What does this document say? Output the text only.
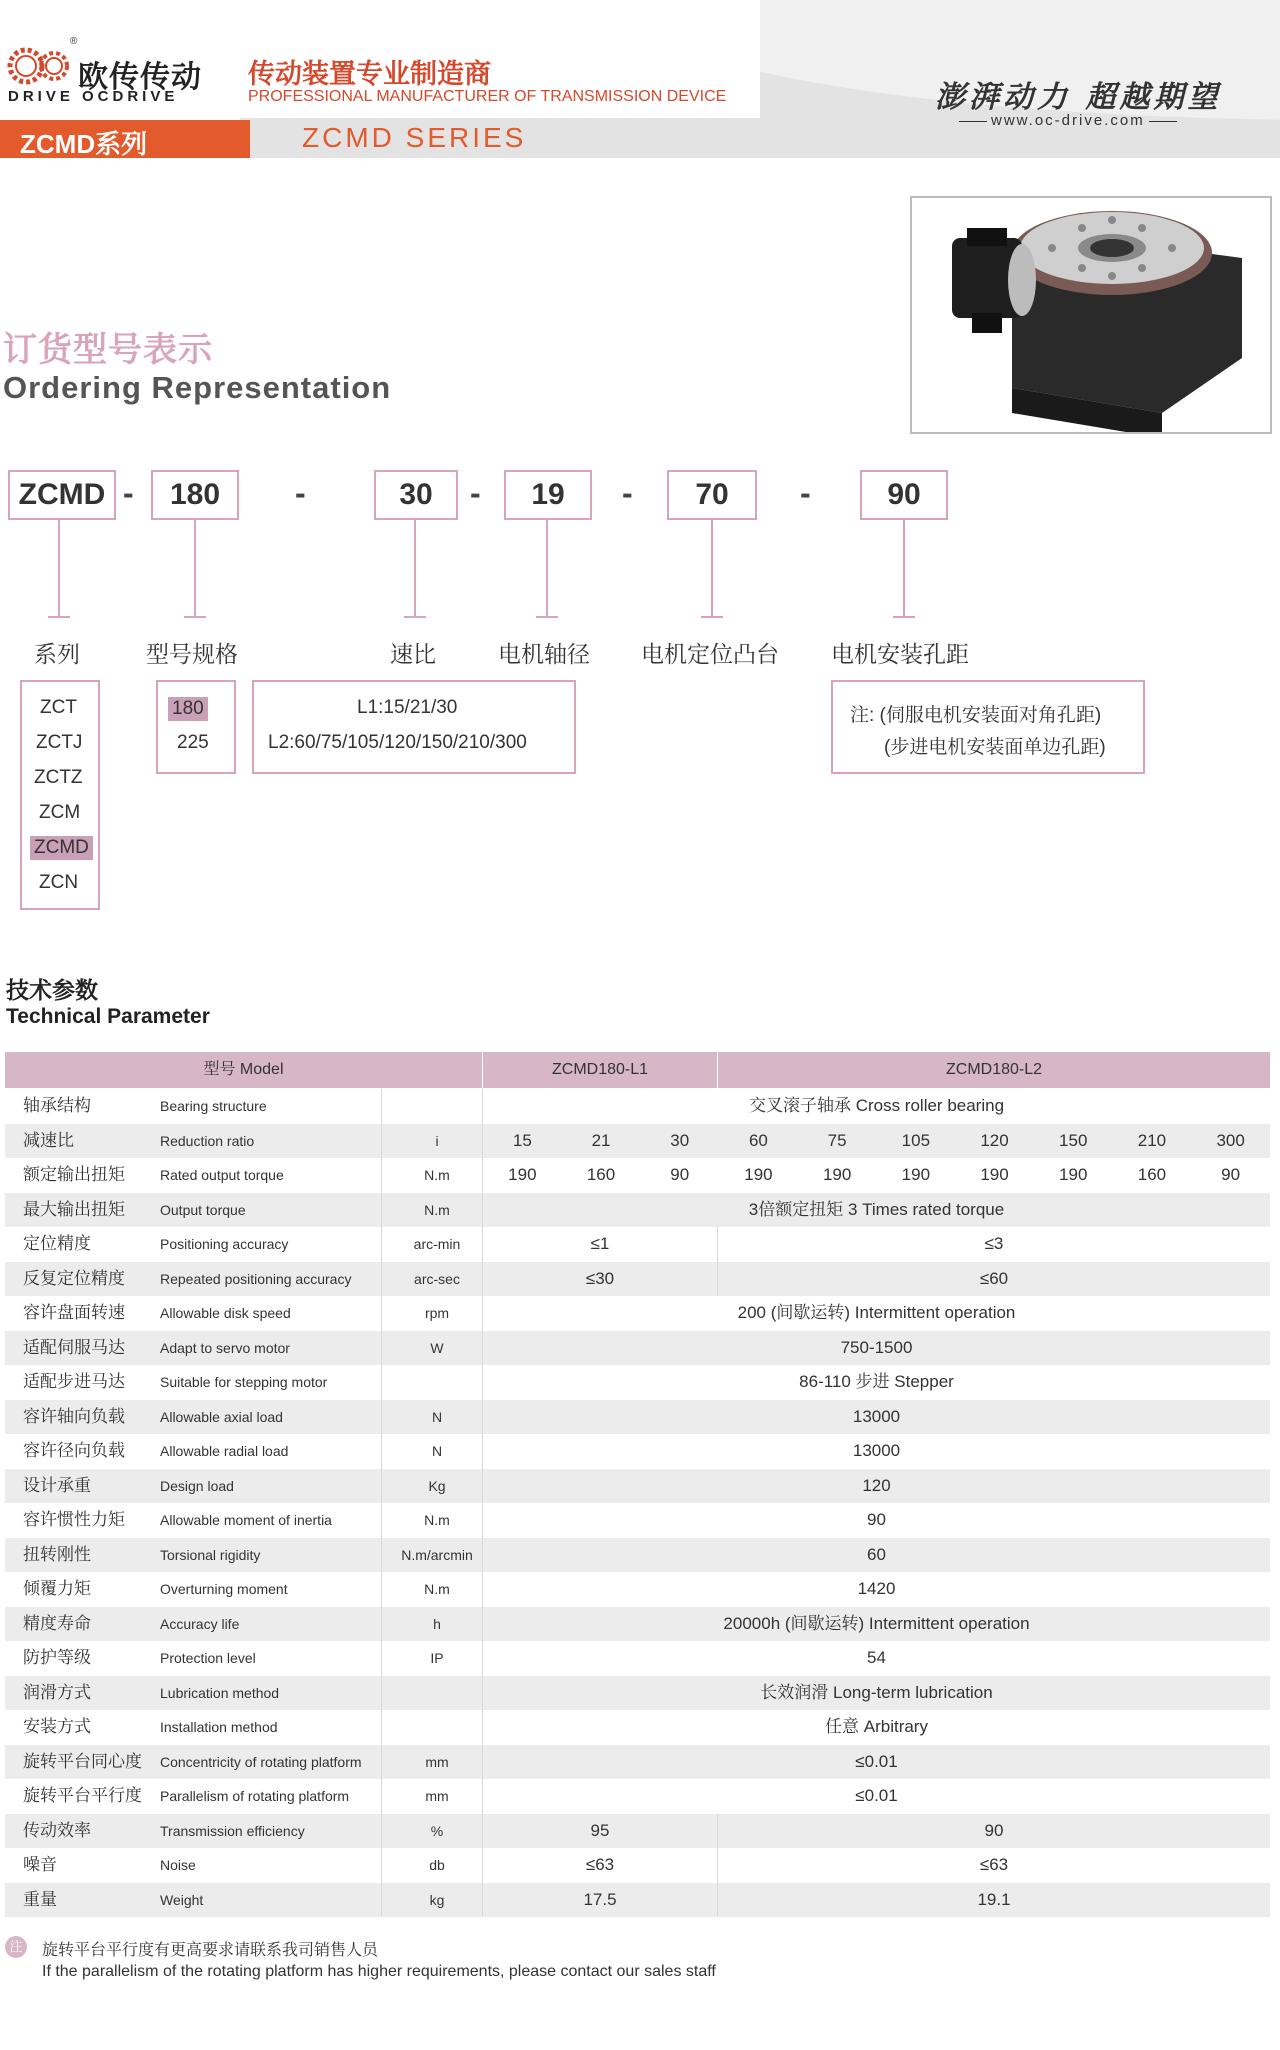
®
欧传传动
DRIVE OCDRIVE
传动装置专业制造商
PROFESSIONAL MANUFACTURER OF TRANSMISSION DEVICE	澎湃动力 超越期望
www.oc-drive.com
ZCMD系列	ZCMD SERIES
订货型号表示
Ordering Representation
ZCMD -	180	-	30	-	19	-	70	-	90
系列	型号规格	速比	电机轴径 电机定位凸台 电机安装孔距
ZCT
ZCTJ
ZCTZ
ZCM
ZCMD
ZCN
180
225
L1:15/21/30
L2:60/75/105/120/150/210/300
注: (伺服电机安装面对角孔距)
(步进电机安装面单边孔距)
技术参数
Technical Parameter
型号 Model	ZCMD180-L1	ZCMD180-L2
轴承结构	Bearing structure	交叉滚子轴承 Cross roller bearing
减速比	Reduction ratio	i	15	21	30	60	75	105	120	150	210	300
额定输出扭矩	Rated output torque	N.m	190	160	90	190	190	190	190	190	160	90
最大输出扭矩	Output torque	N.m	3倍额定扭矩 3 Times rated torque
定位精度	Positioning accuracy	arc-min	≤1	≤3
反复定位精度	Repeated positioning accuracy	arc-sec	≤30	≤60
容许盘面转速	Allowable disk speed	rpm	200 (间歇运转) Intermittent operation
适配伺服马达	Adapt to servo motor	W	750-1500
适配步进马达	Suitable for stepping motor	86-110 步进 Stepper
容许轴向负载	Allowable axial load	N	13000
容许径向负载	Allowable radial load	N	13000
设计承重	Design load	Kg	120
容许惯性力矩	Allowable moment of inertia	N.m	90
扭转刚性	Torsional rigidity	N.m/arcmin	60
倾覆力矩	Overturning moment	N.m	1420
精度寿命	Accuracy life	h	20000h (间歇运转) Intermittent operation
防护等级	Protection level	IP	54
润滑方式	Lubrication method	长效润滑 Long-term lubrication
安装方式	Installation method	任意 Arbitrary
旋转平台同心度	Concentricity of rotating platform	mm	≤0.01
旋转平台平行度	Parallelism of rotating platform	mm	≤0.01
传动效率	Transmission efficiency	%	95	90
噪音	Noise	db	≤63	≤63
重量	Weight	kg	17.5	19.1
注 旋转平台平行度有更高要求请联系我司销售人员
If the parallelism of the rotating platform has higher requirements, please contact our sales staff
